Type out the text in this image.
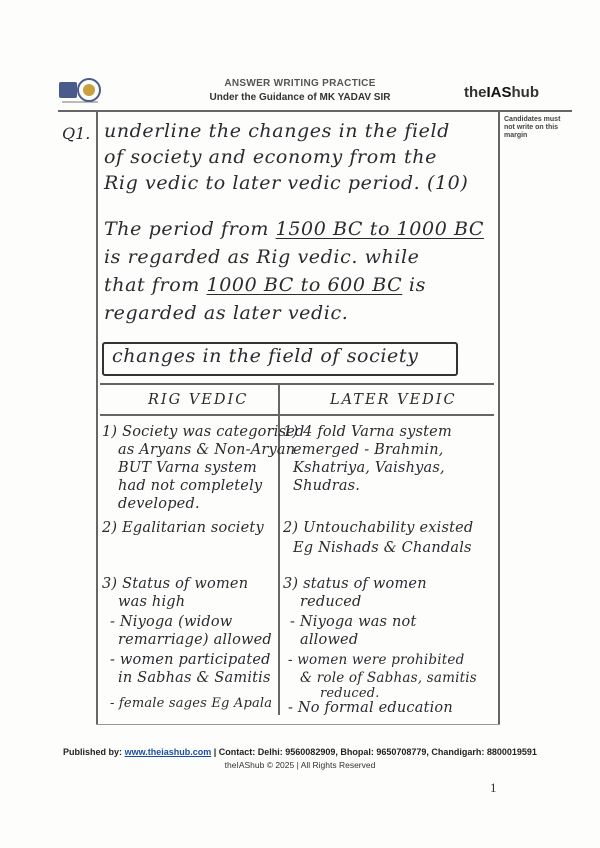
ANSWER WRITING PRACTICE
Under the Guidance of MK YADAV SIR	theIAShub
Candidates must not write on this margin
Q1. underline the changes in the field
of society and economy from the
Rig vedic to later vedic period. (10)
The period from 1500 BC to 1000 BC
is regarded as Rig vedic. while
that from 1000 BC to 600 BC is
regarded as later vedic.
changes in the field of society
RIG VEDIC	LATER VEDIC
1) Society was categorised
as Aryans & Non-Aryan
BUT Varna system
had not completely
developed.
1) 4 fold Varna system
emerged - Brahmin,
Kshatriya, Vaishyas,
Shudras.
2) Egalitarian society 2) Untouchability existed
Eg Nishads & Chandals
3) Status of women
was high
- Niyoga (widow
remarriage) allowed
- women participated
in Sabhas & Samitis
- female sages Eg Apala
3) status of women
reduced
- Niyoga was not
allowed
- women were prohibited
& role of Sabhas, samitis
reduced.
- No formal education
Published by: www.theiashub.com | Contact: Delhi: 9560082909, Bhopal: 9650708779, Chandigarh: 8800019591
theIAShub © 2025 | All Rights Reserved
1
